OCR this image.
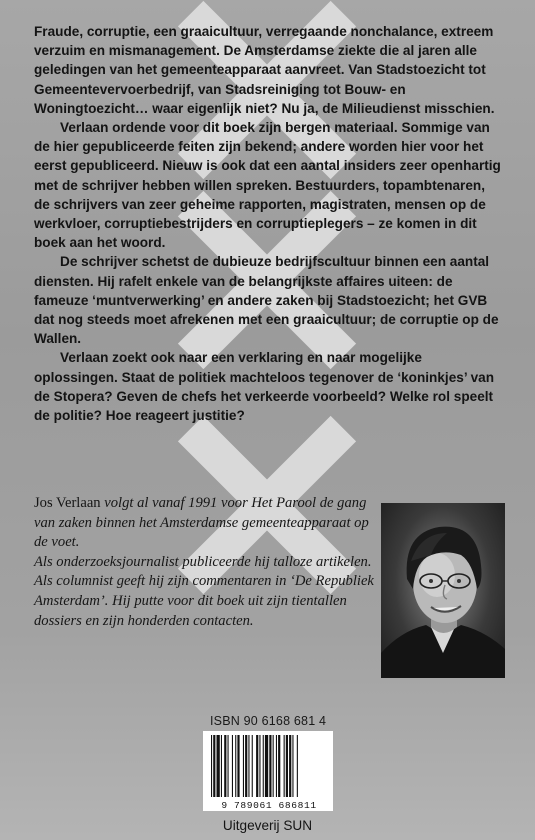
Fraude, corruptie, een graaicultuur, verregaande nonchalance, extreem verzuim en mismanagement. De Amsterdamse ziekte die al jaren alle geledingen van het gemeenteapparaat aanvreet. Van Stadstoezicht tot Gemeentevervoerbedrijf, van Stadsreiniging tot Bouw- en Woningtoezicht… waar eigenlijk niet? Nu ja, de Milieudienst misschien.

Verlaan ordende voor dit boek zijn bergen materiaal. Sommige van de hier gepubliceerde feiten zijn bekend; andere worden hier voor het eerst gepubliceerd. Nieuw is ook dat een aantal insiders zeer openhartig met de schrijver hebben willen spreken. Bestuurders, topambtenaren, de schrijvers van zeer geheime rapporten, magistraten, mensen op de werkvloer, corruptiebestrijders en corruptieplegers – ze komen in dit boek aan het woord.

De schrijver schetst de dubieuze bedrijfscultuur binnen een aantal diensten. Hij rafelt enkele van de belangrijkste affaires uiteen: de fameuze ‘muntverwerking’ en andere zaken bij Stadstoezicht; het GVB dat nog steeds moet afrekenen met een graaicultuur; de corruptie op de Wallen.

Verlaan zoekt ook naar een verklaring en naar mogelijke oplossingen. Staat de politiek machteloos tegenover de ‘koninkjes’ van de Stopera? Geven de chefs het verkeerde voorbeeld? Welke rol speelt de politie? Hoe reageert justitie?

Jos Verlaan volgt al vanaf 1991 voor Het Parool de gang van zaken binnen het Amsterdamse gemeenteapparaat op de voet.

Als onderzoeksjournalist publiceerde hij talloze artikelen. Als columnist geeft hij zijn commentaren in ‘De Republiek Amsterdam’. Hij putte voor dit boek uit zijn tientallen dossiers en zijn honderden contacten.

ISBN 90 6168 681 4
9 789061 686811
Uitgeverij SUN
